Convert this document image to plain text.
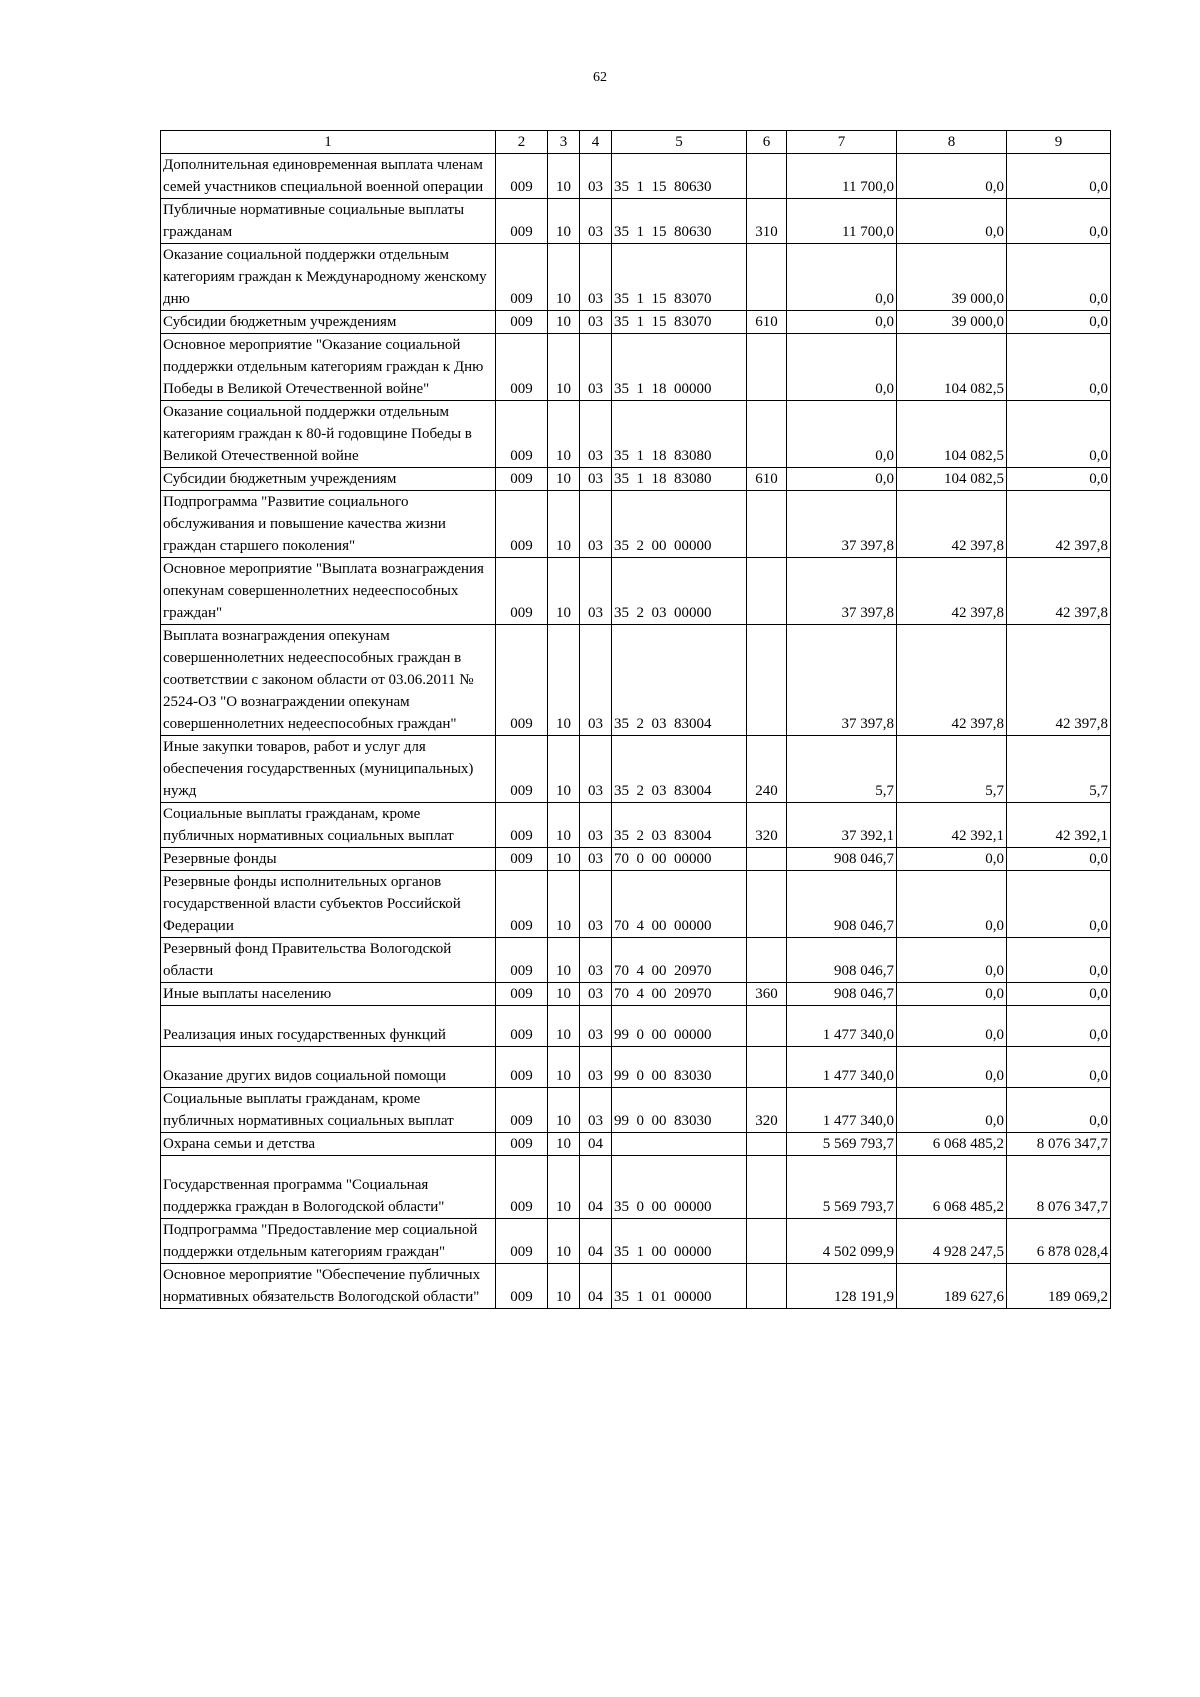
62
1	2	3	4	5	6	7	8	9
Дополнительная единовременная выплата членам семей участников специальной военной операции	009	10	03	35  1  15  80630		11 700,0	0,0	0,0
Публичные нормативные социальные выплаты гражданам	009	10	03	35  1  15  80630	310	11 700,0	0,0	0,0
Оказание социальной поддержки отдельным категориям граждан к Международному женскому дню	009	10	03	35  1  15  83070		0,0	39 000,0	0,0
Субсидии бюджетным учреждениям	009	10	03	35  1  15  83070	610	0,0	39 000,0	0,0
Основное мероприятие "Оказание социальной поддержки отдельным категориям граждан к Дню Победы в Великой Отечественной войне"	009	10	03	35  1  18  00000		0,0	104 082,5	0,0
Оказание социальной поддержки отдельным категориям граждан к 80-й годовщине Победы в Великой Отечественной войне	009	10	03	35  1  18  83080		0,0	104 082,5	0,0
Субсидии бюджетным учреждениям	009	10	03	35  1  18  83080	610	0,0	104 082,5	0,0
Подпрограмма "Развитие социального обслуживания и повышение качества жизни граждан старшего поколения"	009	10	03	35  2  00  00000		37 397,8	42 397,8	42 397,8
Основное мероприятие "Выплата вознаграждения опекунам совершеннолетних недееспособных граждан"	009	10	03	35  2  03  00000		37 397,8	42 397,8	42 397,8
Выплата вознаграждения опекунам совершеннолетних недееспособных граждан в соответствии с законом области от 03.06.2011 № 2524-ОЗ "О вознаграждении опекунам совершеннолетних недееспособных граждан"	009	10	03	35  2  03  83004		37 397,8	42 397,8	42 397,8
Иные закупки товаров, работ и услуг для обеспечения государственных (муниципальных) нужд	009	10	03	35  2  03  83004	240	5,7	5,7	5,7
Социальные выплаты гражданам, кроме публичных нормативных социальных выплат	009	10	03	35  2  03  83004	320	37 392,1	42 392,1	42 392,1
Резервные фонды	009	10	03	70  0  00  00000		908 046,7	0,0	0,0
Резервные фонды исполнительных органов государственной власти субъектов Российской Федерации	009	10	03	70  4  00  00000		908 046,7	0,0	0,0
Резервный фонд Правительства Вологодской области	009	10	03	70  4  00  20970		908 046,7	0,0	0,0
Иные выплаты населению	009	10	03	70  4  00  20970	360	908 046,7	0,0	0,0
Реализация иных государственных функций	009	10	03	99  0  00  00000		1 477 340,0	0,0	0,0
Оказание других видов социальной помощи	009	10	03	99  0  00  83030		1 477 340,0	0,0	0,0
Социальные выплаты гражданам, кроме публичных нормативных социальных выплат	009	10	03	99  0  00  83030	320	1 477 340,0	0,0	0,0
Охрана семьи и детства	009	10	04			5 569 793,7	6 068 485,2	8 076 347,7
Государственная программа "Социальная поддержка граждан в Вологодской области"	009	10	04	35  0  00  00000		5 569 793,7	6 068 485,2	8 076 347,7
Подпрограмма "Предоставление мер социальной поддержки отдельным категориям граждан"	009	10	04	35  1  00  00000		4 502 099,9	4 928 247,5	6 878 028,4
Основное мероприятие "Обеспечение публичных нормативных обязательств Вологодской области"	009	10	04	35  1  01  00000		128 191,9	189 627,6	189 069,2
